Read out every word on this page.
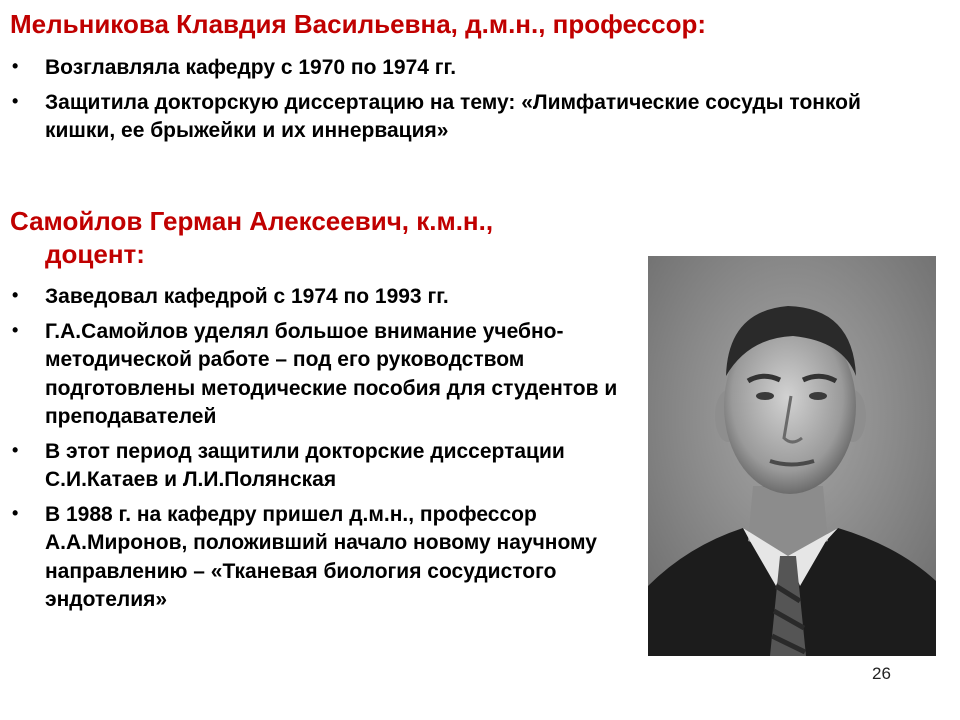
Мельникова Клавдия Васильевна, д.м.н., профессор:
• Возглавляла кафедру с 1970 по 1974 гг.
• Защитила докторскую диссертацию на тему: «Лимфатические сосуды тонкой кишки, ее брыжейки и их иннервация»
Самойлов Герман Алексеевич, к.м.н.,
доцент:
• Заведовал кафедрой с 1974 по 1993 гг.
• Г.А.Самойлов уделял большое внимание учебно-методической работе – под его руководством подготовлены методические пособия для студентов и преподавателей
• В этот период защитили докторские диссертации С.И.Катаев и Л.И.Полянская
• В 1988 г. на кафедру пришел д.м.н., профессор А.А.Миронов, положивший начало новому научному направлению – «Тканевая биология сосудистого эндотелия»
26
